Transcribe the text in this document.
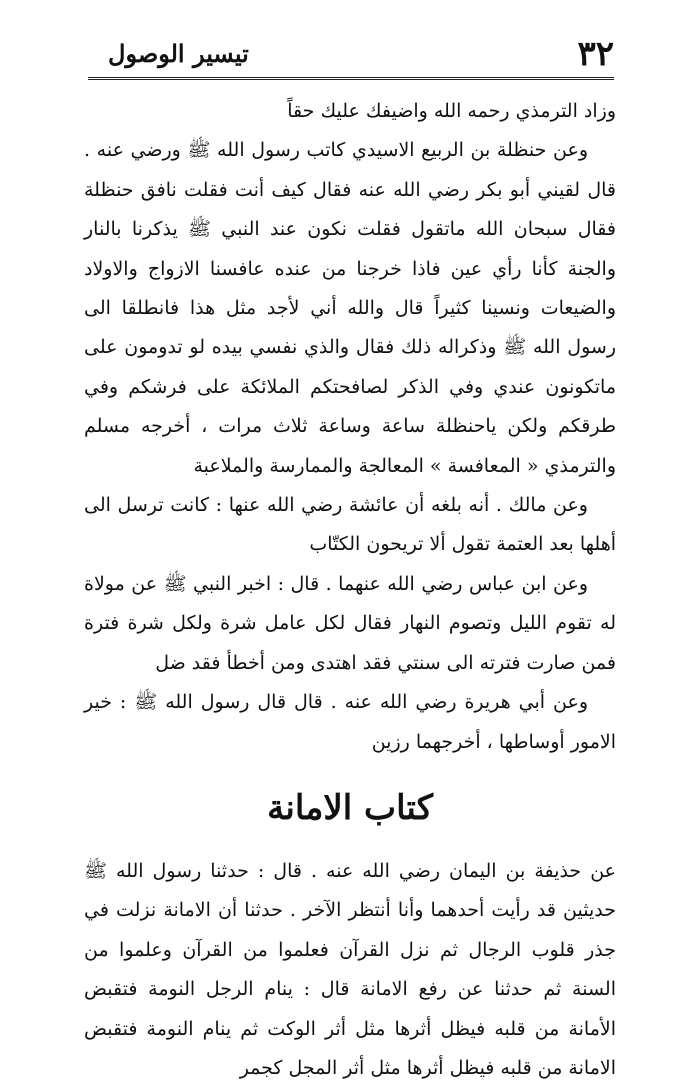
٣٢
تيسير الوصول

وزاد الترمذي رحمه الله واضيفك عليك حقاً

وعن حنظلة بن الربيع الاسيدي كاتب رسول الله ﷺ ورضي عنه . قال لقيني أبو بكر رضي الله عنه فقال كيف أنت فقلت نافق حنظلة فقال سبحان الله ماتقول فقلت نكون عند النبي ﷺ يذكرنا بالنار والجنة كأنا رأي عين فاذا خرجنا من عنده عافسنا الازواج والاولاد والضيعات ونسينا كثيراً قال والله أني لأجد مثل هذا فانطلقا الى رسول الله ﷺ وذكراله ذلك فقال والذي نفسي بيده لو تدومون على ماتكونون عندي وفي الذكر لصافحتكم الملائكة على فرشكم وفي طرقكم ولكن ياحنظلة ساعة وساعة ثلاث مرات ، أخرجه مسلم والترمذي « المعافسة » المعالجة والممارسة والملاعبة

وعن مالك . أنه بلغه أن عائشة رضي الله عنها : كانت ترسل الى أهلها بعد العتمة تقول ألا تريحون الكتّاب

وعن ابن عباس رضي الله عنهما . قال : اخبر النبي ﷺ عن مولاة له تقوم الليل وتصوم النهار فقال لكل عامل شرة ولكل شرة فترة فمن صارت فترته الى سنتي فقد اهتدى ومن أخطأ فقد ضل

وعن أبي هريرة رضي الله عنه . قال قال رسول الله ﷺ : خير الامور أوساطها ، أخرجهما رزين

كتاب الامانة

عن حذيفة بن اليمان رضي الله عنه . قال : حدثنا رسول الله ﷺ حديثين قد رأيت أحدهما وأنا أنتظر الآخر . حدثنا أن الامانة نزلت في جذر قلوب الرجال ثم نزل القرآن فعلموا من القرآن وعلموا من السنة ثم حدثنا عن رفع الامانة قال : ينام الرجل النومة فتقبض الأمانة من قلبه فيظل أثرها مثل أثر الوكت ثم ينام النومة فتقبض الامانة من قلبه فيظل أثرها مثل أثر المجل كجمر
